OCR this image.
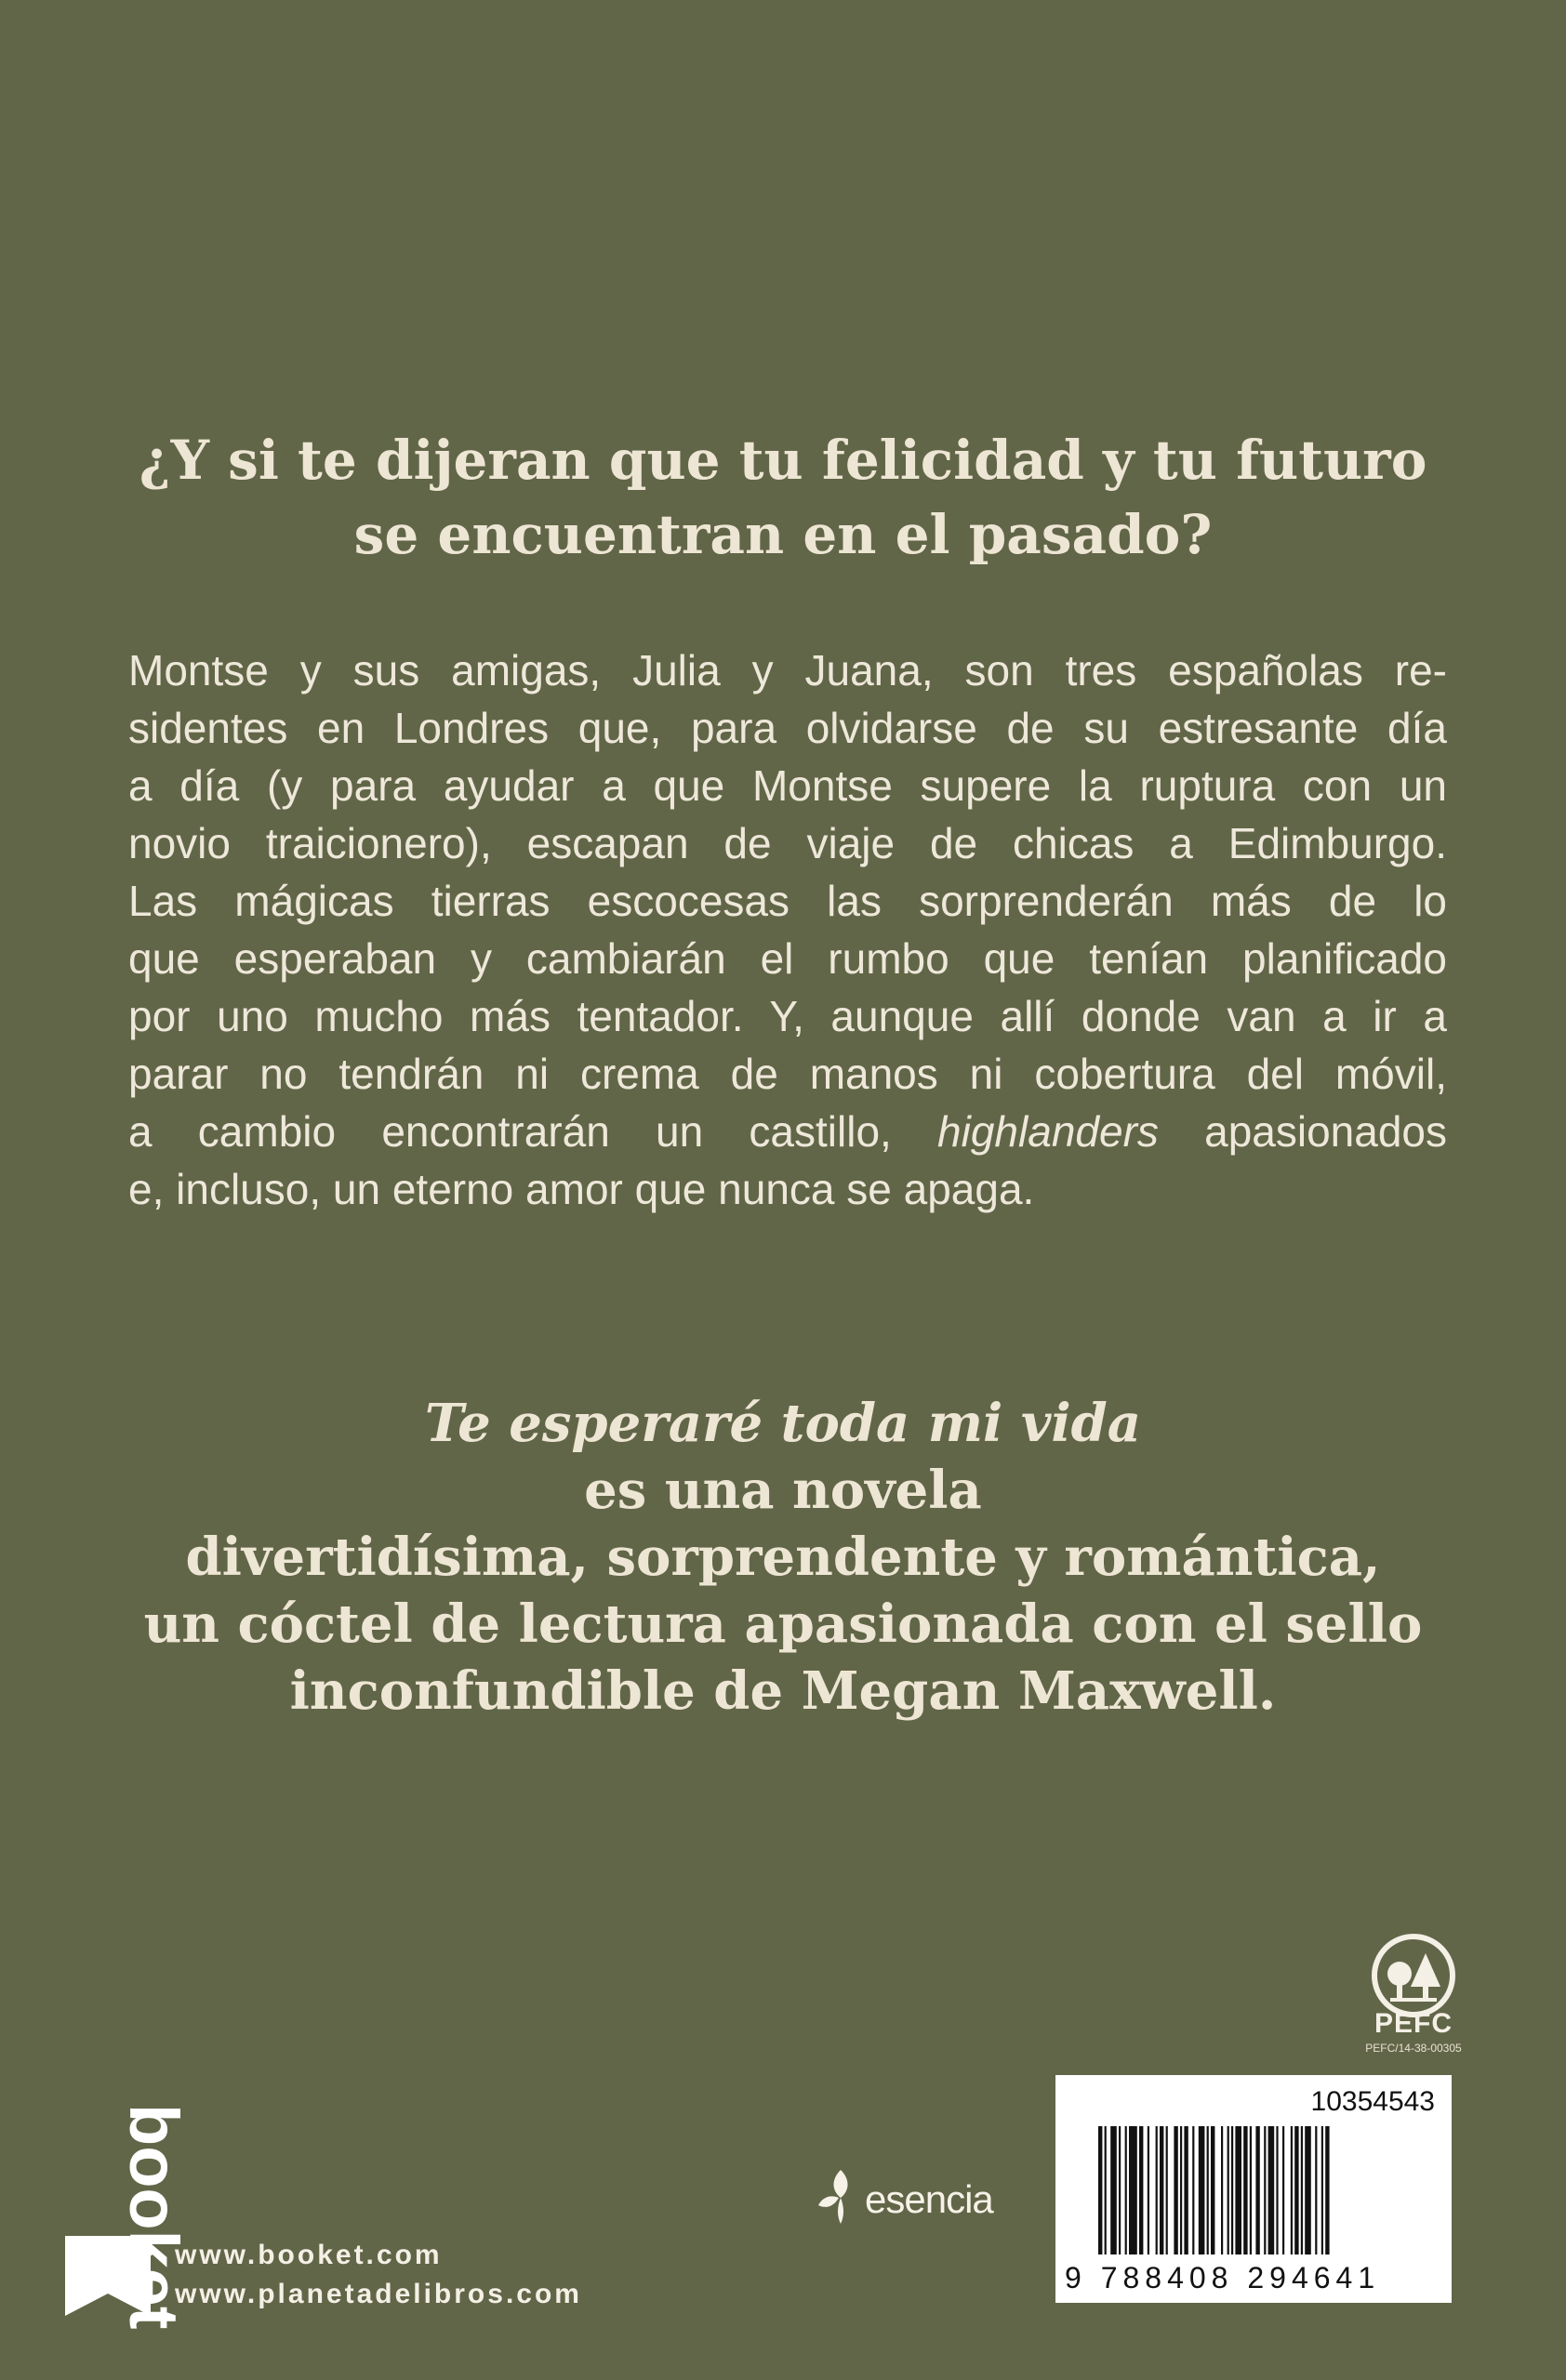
¿Y si te dijeran que tu felicidad y tu futuro
se encuentran en el pasado?
Montse y sus amigas, Julia y Juana, son tres españolas re-
sidentes en Londres que, para olvidarse de su estresante día
a día (y para ayudar a que Montse supere la ruptura con un
novio traicionero), escapan de viaje de chicas a Edimburgo.
Las mágicas tierras escocesas las sorprenderán más de lo
que esperaban y cambiarán el rumbo que tenían planificado
por uno mucho más tentador. Y, aunque allí donde van a ir a
parar no tendrán ni crema de manos ni cobertura del móvil,
a cambio encontrarán un castillo, highlanders apasionados
e, incluso, un eterno amor que nunca se apaga.
Te esperaré toda mi vida
es una novela
divertidísima, sorprendente y romántica,
un cóctel de lectura apasionada con el sello
inconfundible de Megan Maxwell.
PEFC
PEFC/14-38-00305
10354543
9 788408 294641
esencia
booket
www.booket.com
www.planetadelibros.com
